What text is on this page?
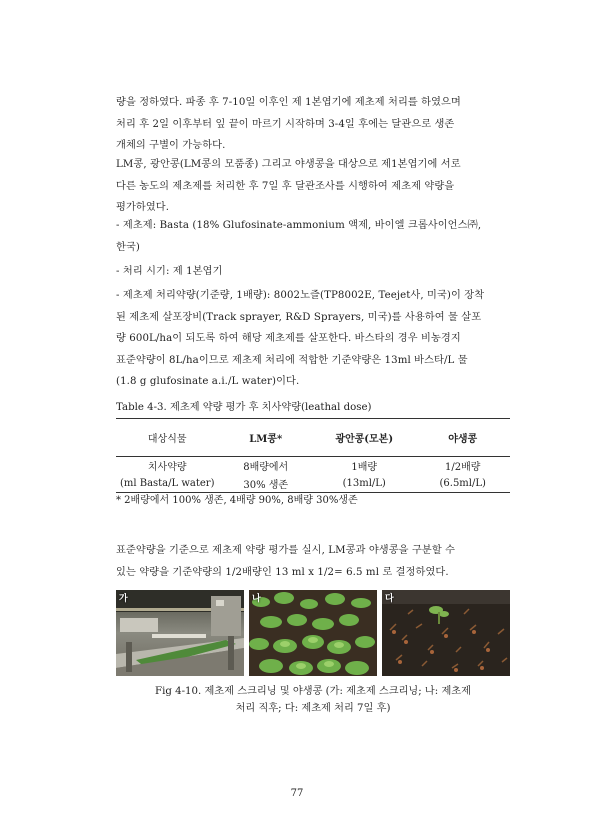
량을 정하였다. 파종 후 7-10일 이후인 제 1본엽기에 제초제 처리를 하였으며
처리 후 2일 이후부터 잎 끝이 마르기 시작하며 3-4일 후에는 달관으로 생존
개체의 구별이 가능하다.
LM콩, 광안콩(LM콩의 모품종) 그리고 야생콩을 대상으로 제1본엽기에 서로
다른 농도의 제초제를 처리한 후 7일 후 달관조사를 시행하여 제초제 약량을
평가하였다.
- 제초제: Basta (18% Glufosinate-ammonium 액제, 바이엘 크롭사이언스㈜,
한국)
- 처리 시기: 제 1본엽기
- 제초제 처리약량(기준량, 1배량): 8002노즐(TP8002E, Teejet사, 미국)이 장착
된 제초제 살포장비(Track sprayer, R&D Sprayers, 미국)를 사용하여 물 살포
량 600L/ha이 되도록 하여 해당 제초제를 살포한다. 바스타의 경우 비농경지
표준약량이 8L/ha이므로 제초제 처리에 적합한 기준약량은 13ml 바스타/L 물
(1.8 g glufosinate a.i./L water)이다.
Table 4-3. 제초제 약량 평가 후 치사약량(leathal dose)
대상식물	LM콩*	광안콩(모본)	야생콩
치사약량	8배량에서	1배량	1/2배량
(ml Basta/L water)	30% 생존	(13ml/L)	(6.5ml/L)
* 2배량에서 100% 생존, 4배량 90%, 8배량 30%생존
표준약량을 기준으로 제초제 약량 평가를 실시, LM콩과 야생콩을 구분할 수
있는 약량을 기준약량의 1/2배량인 13 ml x 1/2= 6.5 ml 로 결정하였다.
가	나	다
Fig 4-10. 제초제 스크리닝 및 야생콩 (가: 제초제 스크리닝; 나: 제초제
처리 직후; 다: 제초제 처리 7일 후)
77
